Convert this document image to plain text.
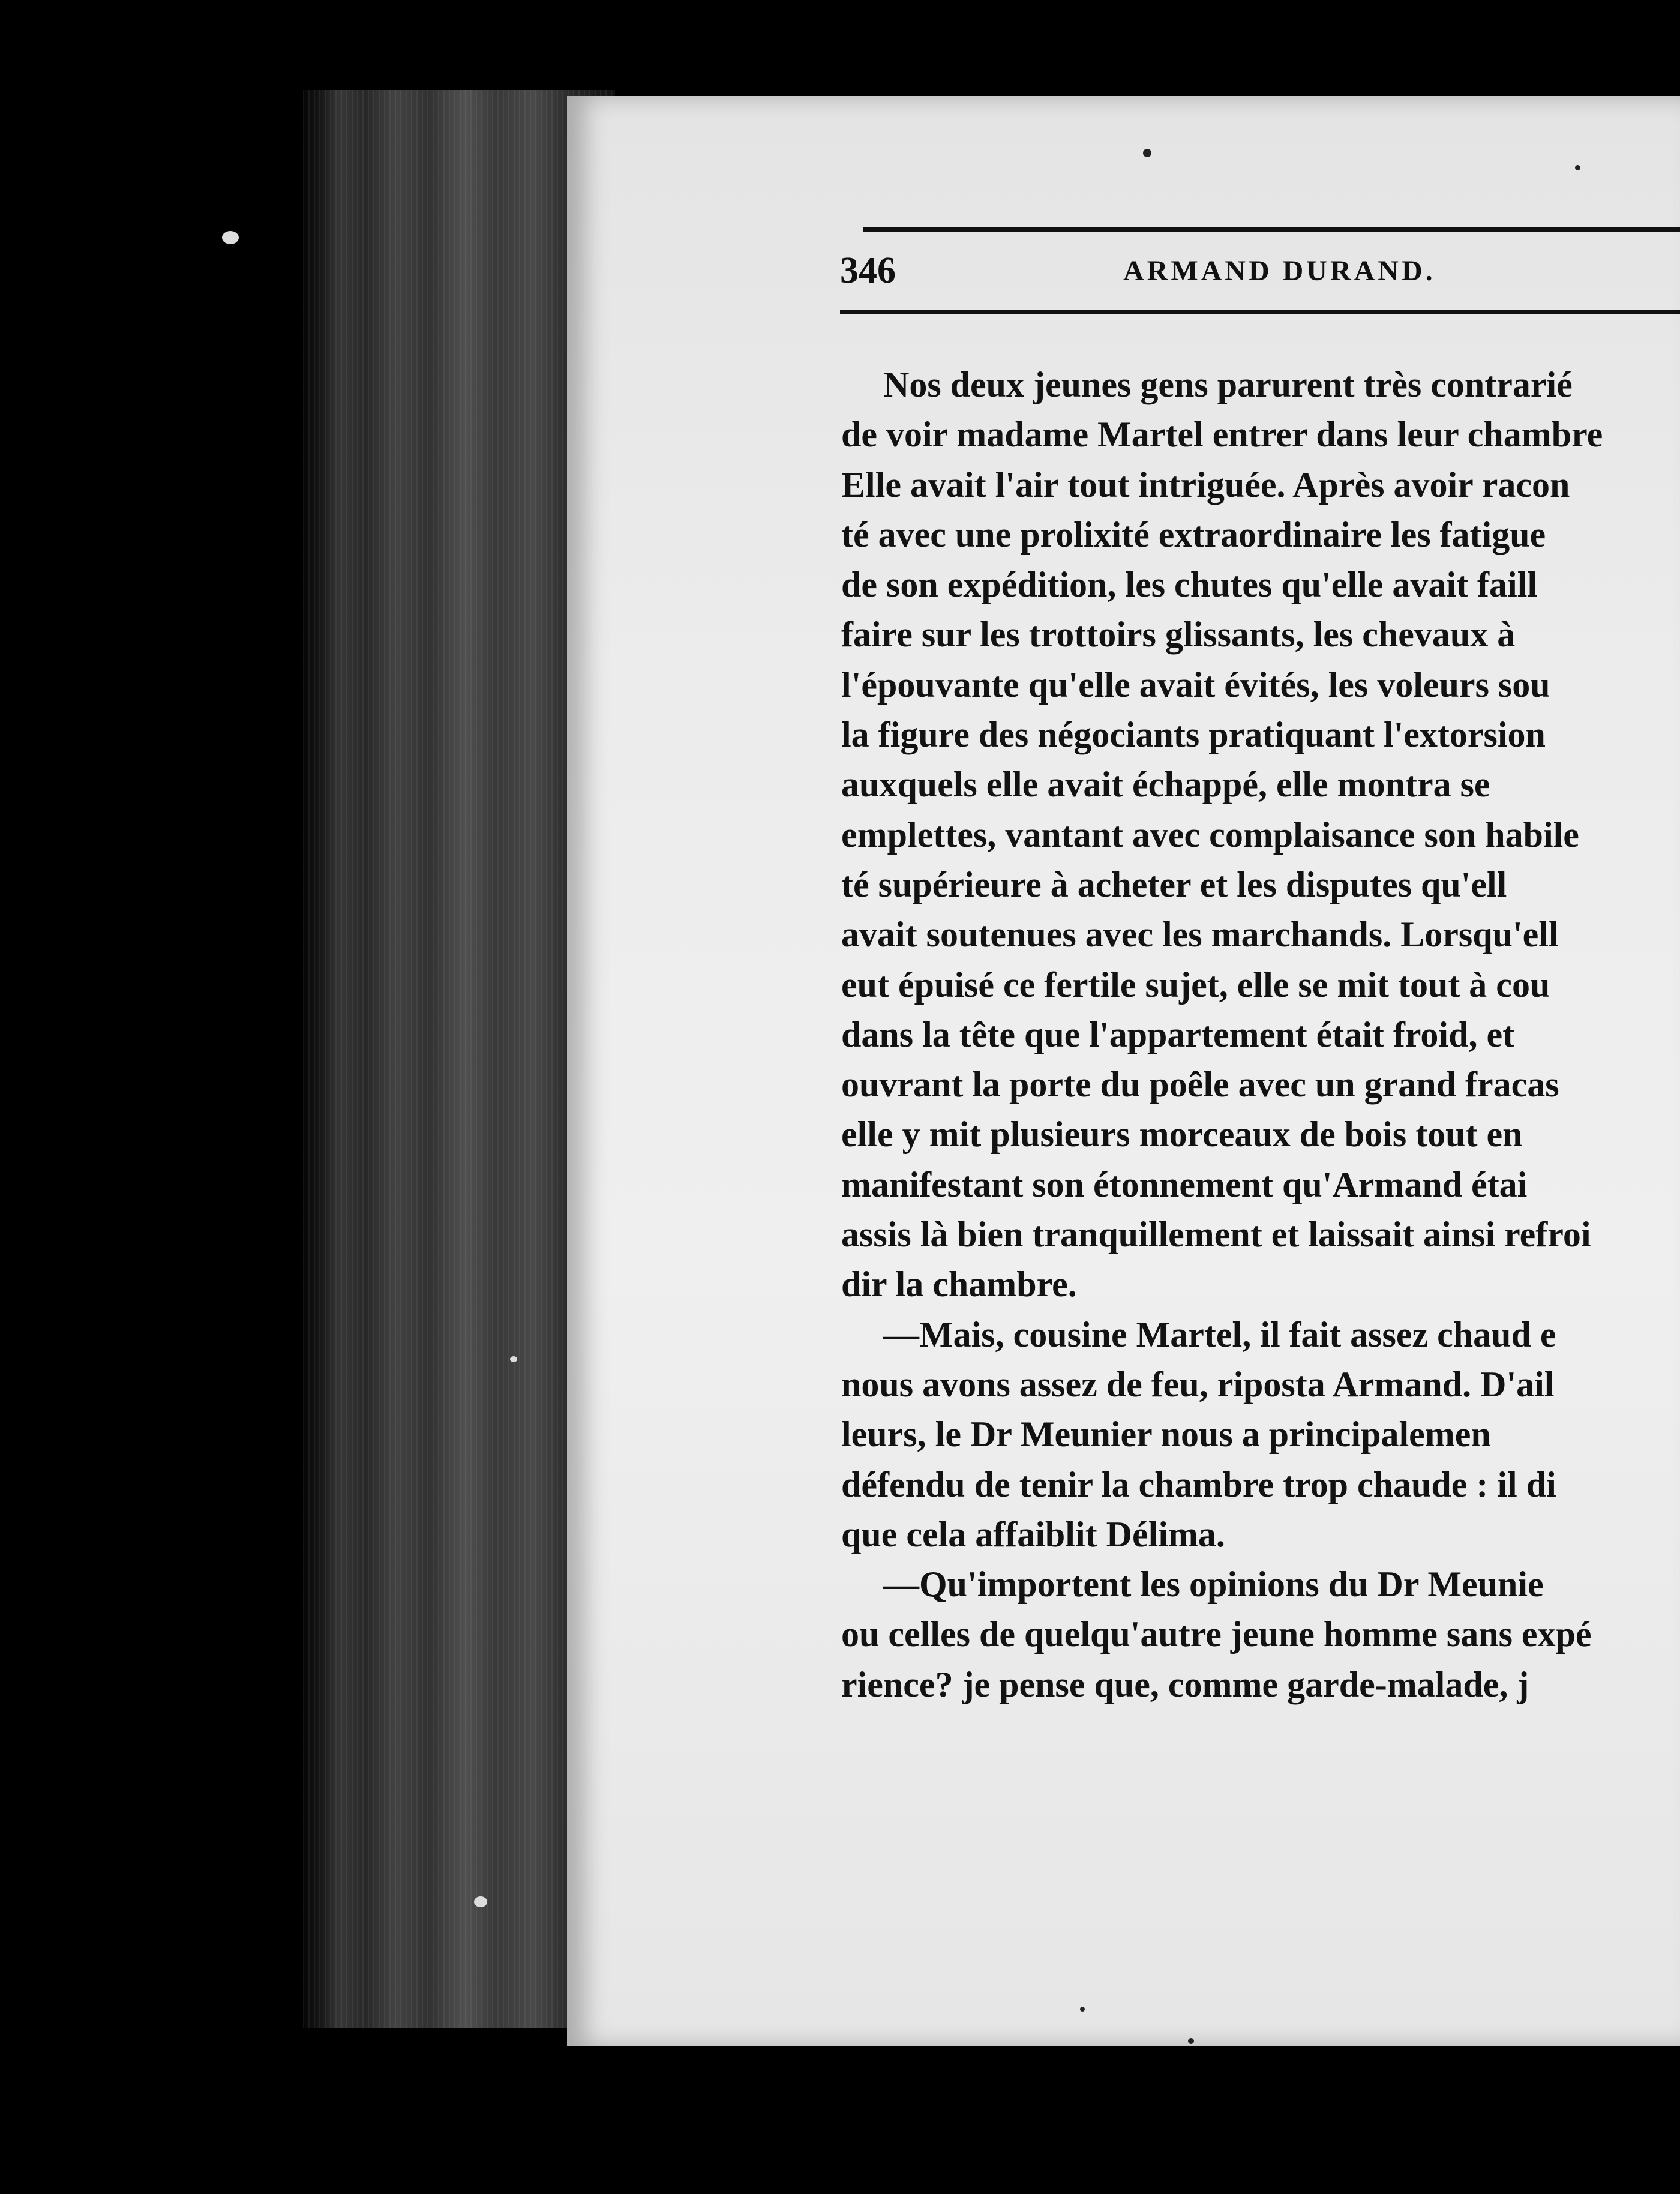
346	ARMAND DURAND.
Nos deux jeunes gens parurent très contrarié
de voir madame Martel entrer dans leur chambre
Elle avait l'air tout intriguée. Après avoir racon
té avec une prolixité extraordinaire les fatigue
de son expédition, les chutes qu'elle avait faill
faire sur les trottoirs glissants, les chevaux à
l'épouvante qu'elle avait évités, les voleurs sou
la figure des négociants pratiquant l'extorsion
auxquels elle avait échappé, elle montra se
emplettes, vantant avec complaisance son habile
té supérieure à acheter et les disputes qu'ell
avait soutenues avec les marchands. Lorsqu'ell
eut épuisé ce fertile sujet, elle se mit tout à cou
dans la tête que l'appartement était froid, et
ouvrant la porte du poêle avec un grand fracas
elle y mit plusieurs morceaux de bois tout en
manifestant son étonnement qu'Armand étai
assis là bien tranquillement et laissait ainsi refroi
dir la chambre.
—Mais, cousine Martel, il fait assez chaud e
nous avons assez de feu, riposta Armand. D'ail
leurs, le Dr Meunier nous a principalemen
défendu de tenir la chambre trop chaude : il di
que cela affaiblit Délima.
—Qu'importent les opinions du Dr Meunie
ou celles de quelqu'autre jeune homme sans expé
rience? je pense que, comme garde-malade, j
